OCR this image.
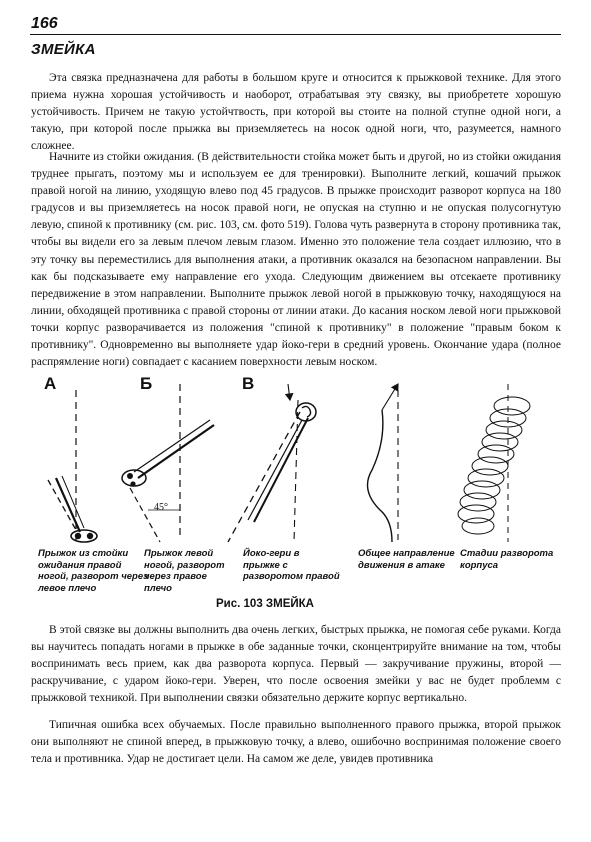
166
ЗМЕЙКА

Эта связка предназначена для работы в большом круге и относится к прыжковой технике. Для этого приема нужна хорошая устойчивость и наоборот, отрабатывая эту связку, вы приобретете хорошую устойчивость. Причем не такую устойчтвость, при которой вы стоите на полной ступне одной ноги, а такую, при которой после прыжка вы приземляетесь на носок одной ноги, что, разумеется, намного сложнее.

Начните из стойки ожидания. (В действительности стойка может быть и другой, но из стойки ожидания труднее прыгать, поэтому мы и используем ее для тренировки). Выполните легкий, кошачий прыжок правой ногой на линию, уходящую влево под 45 градусов. В прыжке происходит разворот корпуса на 180 градусов и вы приземляетесь на носок правой ноги, не опуская на ступню и не опуская полусогнутую левую, спиной к противнику (см. рис. 103, см. фото 519). Голова чуть развернута в сторону противника так, чтобы вы видели его за левым плечом левым глазом. Именно это положение тела создает иллюзию, что в эту точку вы переместились для выполнения атаки, а противник оказался на безопасном направлении. Вы как бы подсказываете ему направление его ухода. Следующим движением вы отсекаете противнику передвижение в этом направлении. Выполните прыжок левой ногой в прыжковую точку, находящуюся на линии, обходящей противника с правой стороны от линии атаки. До касания носком левой ноги прыжковой точки корпус разворачивается из положения "спиной к противнику" в положение "правым боком к противнику". Одновременно вы выполняете удар йоко-гери в средний уровень. Окончание удара (полное распрямление ноги) совпадает с касанием поверхности левым носком.

А	Б	В
45°
Прыжок из стойки
ожидания правой
ногой, разворот через
левое плечо
Прыжок левой
ногой, разворот
через правое
плечо
Йоко-гери в
прыжке с
разворотом правой
Общее направление
движения в атаке
Стадии разворота
корпуса
Рис. 103 ЗМЕЙКА

В этой связке вы должны выполнить два очень легких, быстрых прыжка, не помогая себе руками. Когда вы научитесь попадать ногами в прыжке в обе заданные точки, сконцентрируйте внимание на том, чтобы воспринимать весь прием, как два разворота корпуса. Первый — закручивание пружины, второй — раскручивание, с ударом йоко-гери. Уверен, что после освоения змейки у вас не будет проблемм с прыжковой техникой. При выполнении связки обязательно держите корпус вертикально.

Типичная ошибка всех обучаемых. После правильно выполненного правого прыжка, второй прыжок они выполняют не спиной вперед, в прыжковую точку, а влево, ошибочно воспринимая положение своего тела и противника. Удар не достигает цели. На самом же деле, увидев противника
